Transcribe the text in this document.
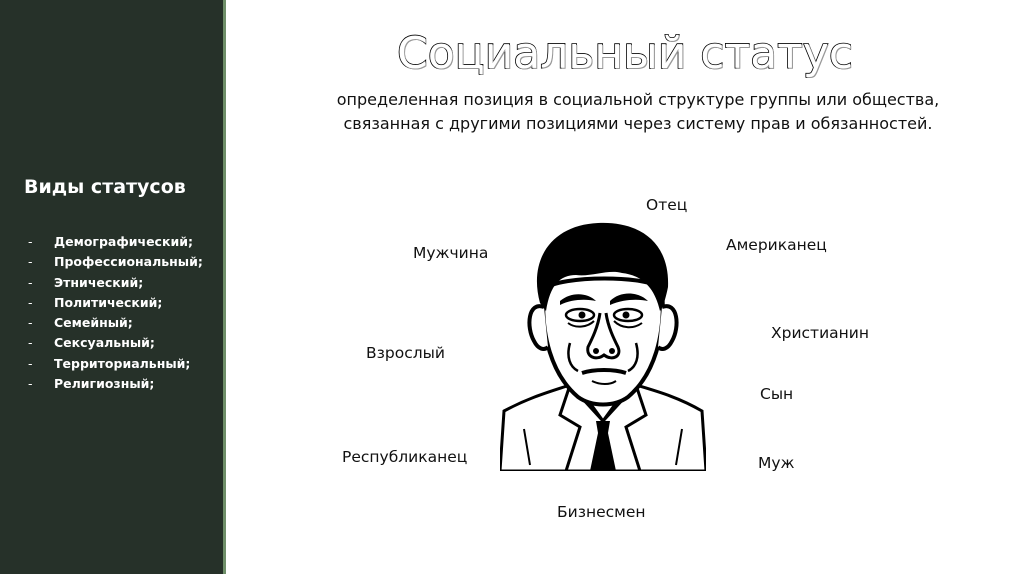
Виды статусов
- Демографический;
- Профессиональный;
- Этнический;
- Политический;
- Семейный;
- Сексуальный;
- Территориальный;
- Религиозный;
Социальный статус
определенная позиция в социальной структуре группы или общества,
связанная с другими позициями через систему прав и обязанностей.
Отец
Мужчина	Американец
Христианин
Взрослый
Сын
Республиканец	Муж
Бизнесмен
